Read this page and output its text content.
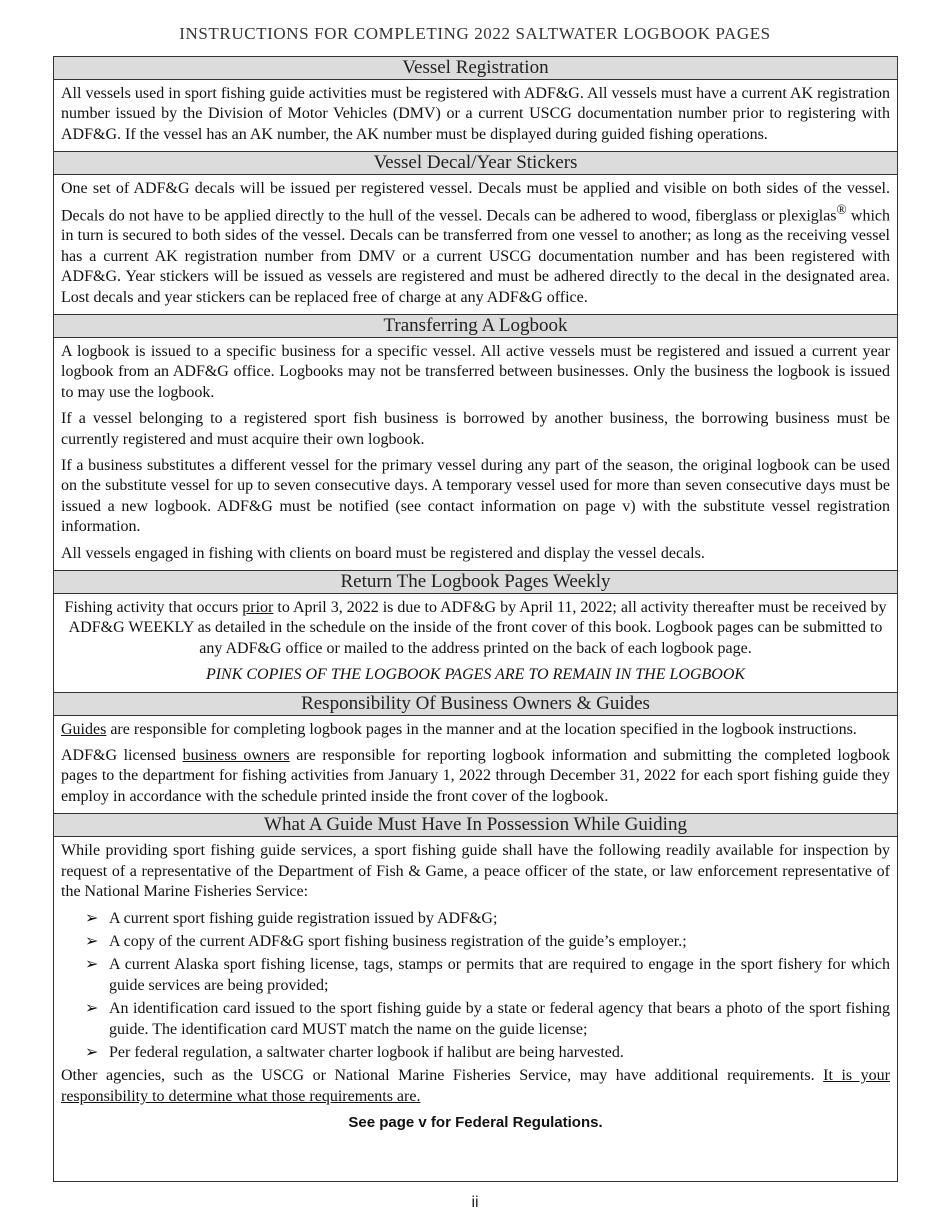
INSTRUCTIONS FOR COMPLETING 2022 SALTWATER LOGBOOK PAGES
Vessel Registration

All vessels used in sport fishing guide activities must be registered with ADF&G. All vessels must have a current AK registration number issued by the Division of Motor Vehicles (DMV) or a current USCG documentation number prior to registering with ADF&G. If the vessel has an AK number, the AK number must be displayed during guided fishing operations.

Vessel Decal/Year Stickers

One set of ADF&G decals will be issued per registered vessel. Decals must be applied and visible on both sides of the vessel. Decals do not have to be applied directly to the hull of the vessel. Decals can be adhered to wood, fiberglass or plexiglas® which in turn is secured to both sides of the vessel. Decals can be transferred from one vessel to another; as long as the receiving vessel has a current AK registration number from DMV or a current USCG documentation number and has been registered with ADF&G. Year stickers will be issued as vessels are registered and must be adhered directly to the decal in the designated area. Lost decals and year stickers can be replaced free of charge at any ADF&G office.

Transferring A Logbook

A logbook is issued to a specific business for a specific vessel. All active vessels must be registered and issued a current year logbook from an ADF&G office. Logbooks may not be transferred between businesses. Only the business the logbook is issued to may use the logbook.

If a vessel belonging to a registered sport fish business is borrowed by another business, the borrowing business must be currently registered and must acquire their own logbook.

If a business substitutes a different vessel for the primary vessel during any part of the season, the original logbook can be used on the substitute vessel for up to seven consecutive days. A temporary vessel used for more than seven consecutive days must be issued a new logbook. ADF&G must be notified (see contact information on page v) with the substitute vessel registration information.

All vessels engaged in fishing with clients on board must be registered and display the vessel decals.

Return The Logbook Pages Weekly

Fishing activity that occurs prior to April 3, 2022 is due to ADF&G by April 11, 2022; all activity thereafter must be received by ADF&G WEEKLY as detailed in the schedule on the inside of the front cover of this book. Logbook pages can be submitted to any ADF&G office or mailed to the address printed on the back of each logbook page.

PINK COPIES OF THE LOGBOOK PAGES ARE TO REMAIN IN THE LOGBOOK

Responsibility Of Business Owners & Guides

Guides are responsible for completing logbook pages in the manner and at the location specified in the logbook instructions.

ADF&G licensed business owners are responsible for reporting logbook information and submitting the completed logbook pages to the department for fishing activities from January 1, 2022 through December 31, 2022 for each sport fishing guide they employ in accordance with the schedule printed inside the front cover of the logbook.

What A Guide Must Have In Possession While Guiding

While providing sport fishing guide services, a sport fishing guide shall have the following readily available for inspection by request of a representative of the Department of Fish & Game, a peace officer of the state, or law enforcement representative of the National Marine Fisheries Service:

➢ A current sport fishing guide registration issued by ADF&G;
➢ A copy of the current ADF&G sport fishing business registration of the guide’s employer.;
➢ A current Alaska sport fishing license, tags, stamps or permits that are required to engage in the sport fishery for which guide services are being provided;
➢ An identification card issued to the sport fishing guide by a state or federal agency that bears a photo of the sport fishing guide. The identification card MUST match the name on the guide license;
➢ Per federal regulation, a saltwater charter logbook if halibut are being harvested.

Other agencies, such as the USCG or National Marine Fisheries Service, may have additional requirements. It is your responsibility to determine what those requirements are.

See page v for Federal Regulations.
ii
